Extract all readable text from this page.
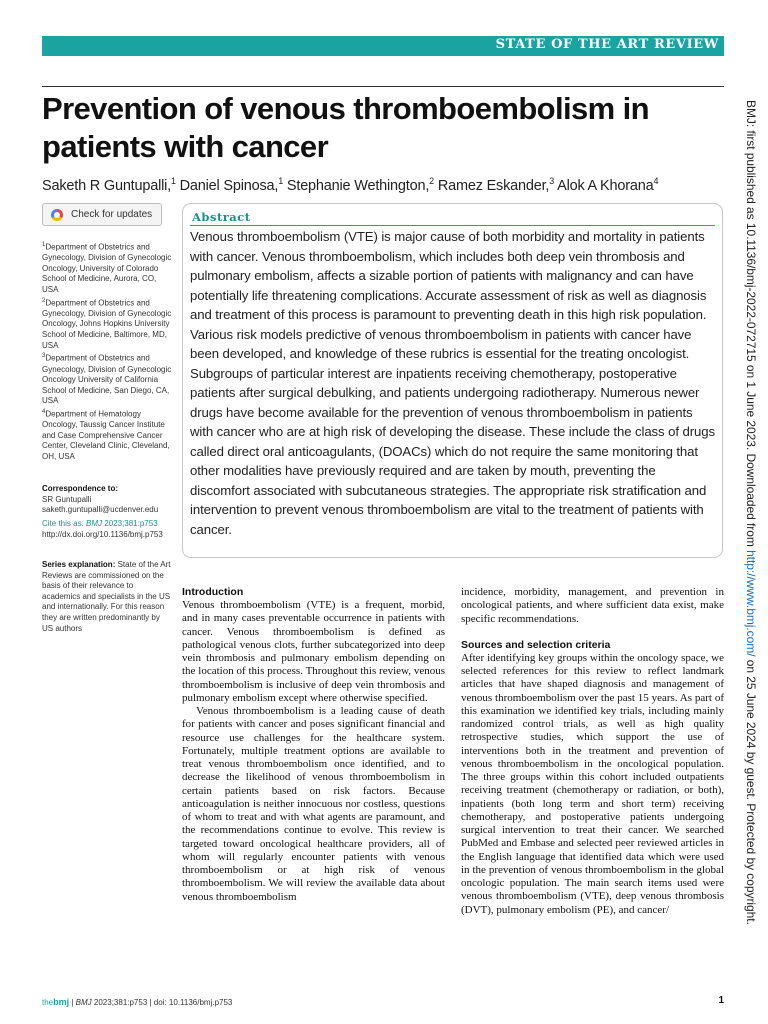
STATE OF THE ART REVIEW
Prevention of venous thromboembolism in patients with cancer
Saketh R Guntupalli,$^1$ Daniel Spinosa,$^1$ Stephanie Wethington,$^2$ Ramez Eskander,$^3$ Alok A Khorana$^4$
Check for updates

$^1$Department of Obstetrics and Gynecology, Division of Gynecologic Oncology, University of Colorado School of Medicine, Aurora, CO, USA

$^2$Department of Obstetrics and Gynecology, Division of Gynecologic Oncology, Johns Hopkins University School of Medicine, Baltimore, MD, USA

$^3$Department of Obstetrics and Gynecology, Division of Gynecologic Oncology University of California School of Medicine, San Diego, CA, USA

$^4$Department of Hematology Oncology, Taussig Cancer Institute and Case Comprehensive Cancer Center, Cleveland Clinic, Cleveland, OH, USA

Correspondence to:

SR Guntupalli

saketh.guntupalli@ucdenver.edu

Cite this as: BMJ 2023;381:p753

http://dx.doi.org/10.1136/bmj.p753

Series explanation: State of the Art Reviews are commissioned on the basis of their relevance to academics and specialists in the US and internationally. For this reason they are written predominantly by US authors

Abstract
Venous thromboembolism (VTE) is major cause of both morbidity and mortality in patients with cancer. Venous thromboembolism, which includes both deep vein thrombosis and pulmonary embolism, affects a sizable portion of patients with malignancy and can have potentially life threatening complications. Accurate assessment of risk as well as diagnosis and treatment of this process is paramount to preventing death in this high risk population. Various risk models predictive of venous thromboembolism in patients with cancer have been developed, and knowledge of these rubrics is essential for the treating oncologist. Subgroups of particular interest are inpatients receiving chemotherapy, postoperative patients after surgical debulking, and patients undergoing radiotherapy. Numerous newer drugs have become available for the prevention of venous thromboembolism in patients with cancer who are at high risk of developing the disease. These include the class of drugs called direct oral anticoagulants, (DOACs) which do not require the same monitoring that other modalities have previously required and are taken by mouth, preventing the discomfort associated with subcutaneous strategies. The appropriate risk stratification and intervention to prevent venous thromboembolism are vital to the treatment of patients with cancer.
Introduction

Venous thromboembolism (VTE) is a frequent, morbid, and in many cases preventable occurrence in patients with cancer. Venous thromboembolism is defined as pathological venous clots, further subcategorized into deep vein thrombosis and pulmonary embolism depending on the location of this process. Throughout this review, venous thromboembolism is inclusive of deep vein thrombosis and pulmonary embolism except where otherwise specified.

Venous thromboembolism is a leading cause of death for patients with cancer and poses significant financial and resource use challenges for the healthcare system. Fortunately, multiple treatment options are available to treat venous thromboembolism once identified, and to decrease the likelihood of venous thromboembolism in certain patients based on risk factors. Because anticoagulation is neither innocuous nor costless, questions of whom to treat and with what agents are paramount, and the recommendations continue to evolve. This review is targeted toward oncological healthcare providers, all of whom will regularly encounter patients with venous thromboembolism or at high risk of venous thromboembolism. We will review the available data about venous thromboembolism

incidence, morbidity, management, and prevention in oncological patients, and where sufficient data exist, make specific recommendations.

Sources and selection criteria

After identifying key groups within the oncology space, we selected references for this review to reflect landmark articles that have shaped diagnosis and management of venous thromboembolism over the past 15 years. As part of this examination we identified key trials, including mainly randomized control trials, as well as high quality retrospective studies, which support the use of interventions both in the treatment and prevention of venous thromboembolism in the oncological population. The three groups within this cohort included outpatients receiving treatment (chemotherapy or radiation, or both), inpatients (both long term and short term) receiving chemotherapy, and postoperative patients undergoing surgical intervention to treat their cancer. We searched PubMed and Embase and selected peer reviewed articles in the English language that identified data which were used in the prevention of venous thromboembolism in the global oncologic population. The main search items used were venous thromboembolism (VTE), deep venous thrombosis (DVT), pulmonary embolism (PE), and cancer/

BMJ: first published as 10.1136/bmj-2022-072715 on 1 June 2023. Downloaded from http://www.bmj.com/ on 25 June 2024 by guest. Protected by copyright.
thebmj | BMJ 2023;381:p753 | doi: 10.1136/bmj.p753	1
